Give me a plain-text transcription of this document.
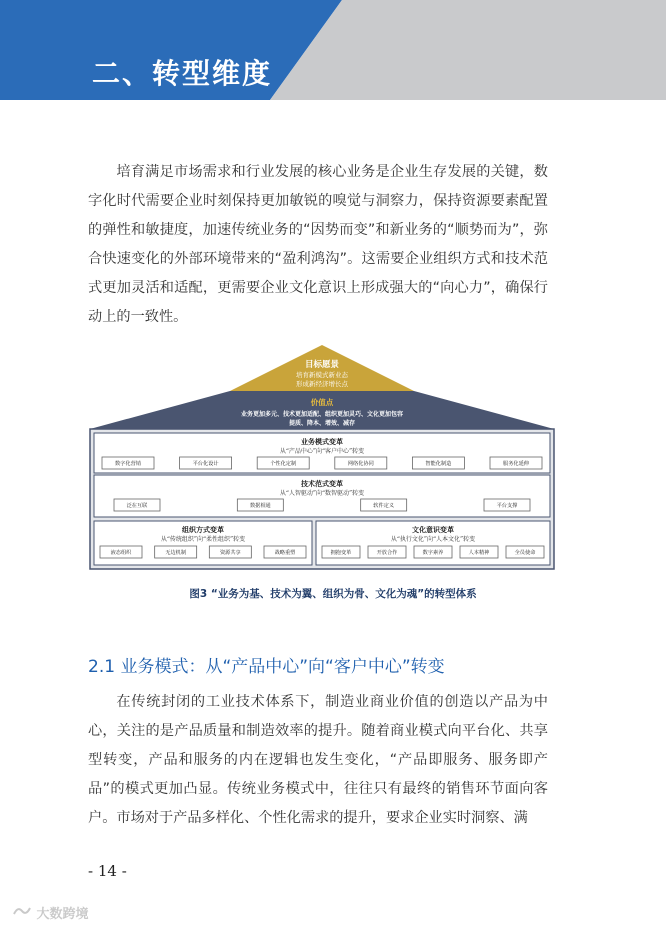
二、转型维度

培育满足市场需求和行业发展的核心业务是企业生存发展的关键，数字化时代需要企业时刻保持更加敏锐的嗅觉与洞察力，保持资源要素配置的弹性和敏捷度，加速传统业务的“因势而变”和新业务的“顺势而为”，弥合快速变化的外部环境带来的“盈利鸿沟”。这需要企业组织方式和技术范式更加灵活和适配，更需要企业文化意识上形成强大的“向心力”，确保行动上的一致性。

目标愿景
培育新模式新业态
形成新经济增长点
价值点
业务更加多元、技术更加适配、组织更加灵巧、文化更加包容
提质、降本、增效、减存
业务模式变革
从“产品中心”向“客户中心”转变
数字化营销	平台化设计	个性化定制	网络化协同	智能化制造	服务化延伸
技术范式变革
从“人智驱动”向“数智驱动”转变
泛在互联	数据相通	软件定义	平台支撑
组织方式变革
从“传统组织”向“柔性组织”转变
液态组织	无边机制	资源共享	战略重塑
文化意识变革
从“执行文化”向“人本文化”转变
拥抱变革	开放合作	数字素养	人本精神	全员使命
图3 “业务为基、技术为翼、组织为骨、文化为魂”的转型体系
2.1 业务模式：从“产品中心”向“客户中心”转变

在传统封闭的工业技术体系下，制造业商业价值的创造以产品为中心，关注的是产品质量和制造效率的提升。随着商业模式向平台化、共享型转变，产品和服务的内在逻辑也发生变化，“产品即服务、服务即产品”的模式更加凸显。传统业务模式中，往往只有最终的销售环节面向客户。市场对于产品多样化、个性化需求的提升，要求企业实时洞察、满

- 14 -
大数跨境
